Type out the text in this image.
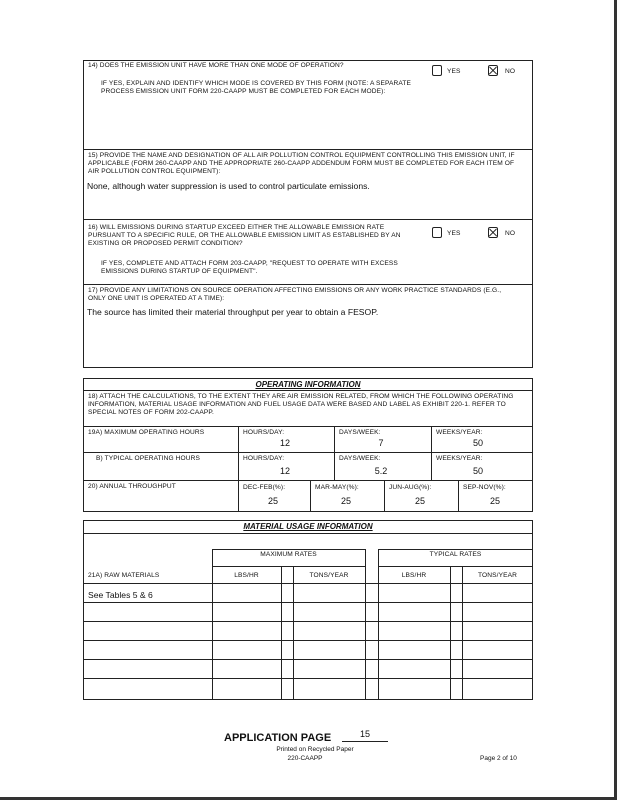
14) DOES THE EMISSION UNIT HAVE MORE THAN ONE MODE OF OPERATION?
YES	NO
IF YES, EXPLAIN AND IDENTIFY WHICH MODE IS COVERED BY THIS FORM (NOTE: A SEPARATE PROCESS EMISSION UNIT FORM 220-CAAPP MUST BE COMPLETED FOR EACH MODE):
15) PROVIDE THE NAME AND DESIGNATION OF ALL AIR POLLUTION CONTROL EQUIPMENT CONTROLLING THIS EMISSION UNIT, IF APPLICABLE (FORM 260-CAAPP AND THE APPROPRIATE 260-CAAPP ADDENDUM FORM MUST BE COMPLETED FOR EACH ITEM OF AIR POLLUTION CONTROL EQUIPMENT):
None, although water suppression is used to control particulate emissions.
16) WILL EMISSIONS DURING STARTUP EXCEED EITHER THE ALLOWABLE EMISSION RATE PURSUANT TO A SPECIFIC RULE, OR THE ALLOWABLE EMISSION LIMIT AS ESTABLISHED BY AN EXISTING OR PROPOSED PERMIT CONDITION?
YES	NO
IF YES, COMPLETE AND ATTACH FORM 203-CAAPP, "REQUEST TO OPERATE WITH EXCESS EMISSIONS DURING STARTUP OF EQUIPMENT".
17) PROVIDE ANY LIMITATIONS ON SOURCE OPERATION AFFECTING EMISSIONS OR ANY WORK PRACTICE STANDARDS (E.G., ONLY ONE UNIT IS OPERATED AT A TIME):
The source has limited their material throughput per year to obtain a FESOP.
OPERATING INFORMATION
18) ATTACH THE CALCULATIONS, TO THE EXTENT THEY ARE AIR EMISSION RELATED, FROM WHICH THE FOLLOWING OPERATING INFORMATION, MATERIAL USAGE INFORMATION AND FUEL USAGE DATA WERE BASED AND LABEL AS EXHIBIT 220-1. REFER TO SPECIAL NOTES OF FORM 202-CAAPP.
19A) MAXIMUM OPERATING HOURS	HOURS/DAY:	DAYS/WEEK:	WEEKS/YEAR:
12	7	50
B) TYPICAL OPERATING HOURS	HOURS/DAY:	DAYS/WEEK:	WEEKS/YEAR:
12	5.2	50
20) ANNUAL THROUGHPUT	DEC-FEB(%):	MAR-MAY(%):	JUN-AUG(%):	SEP-NOV(%):
25	25	25	25
MATERIAL USAGE INFORMATION
MAXIMUM RATES	TYPICAL RATES
21A) RAW MATERIALS	LBS/HR	TONS/YEAR	LBS/HR	TONS/YEAR
See Tables 5 & 6
APPLICATION PAGE	15
Printed on Recycled Paper
220-CAAPP	Page 2 of 10
